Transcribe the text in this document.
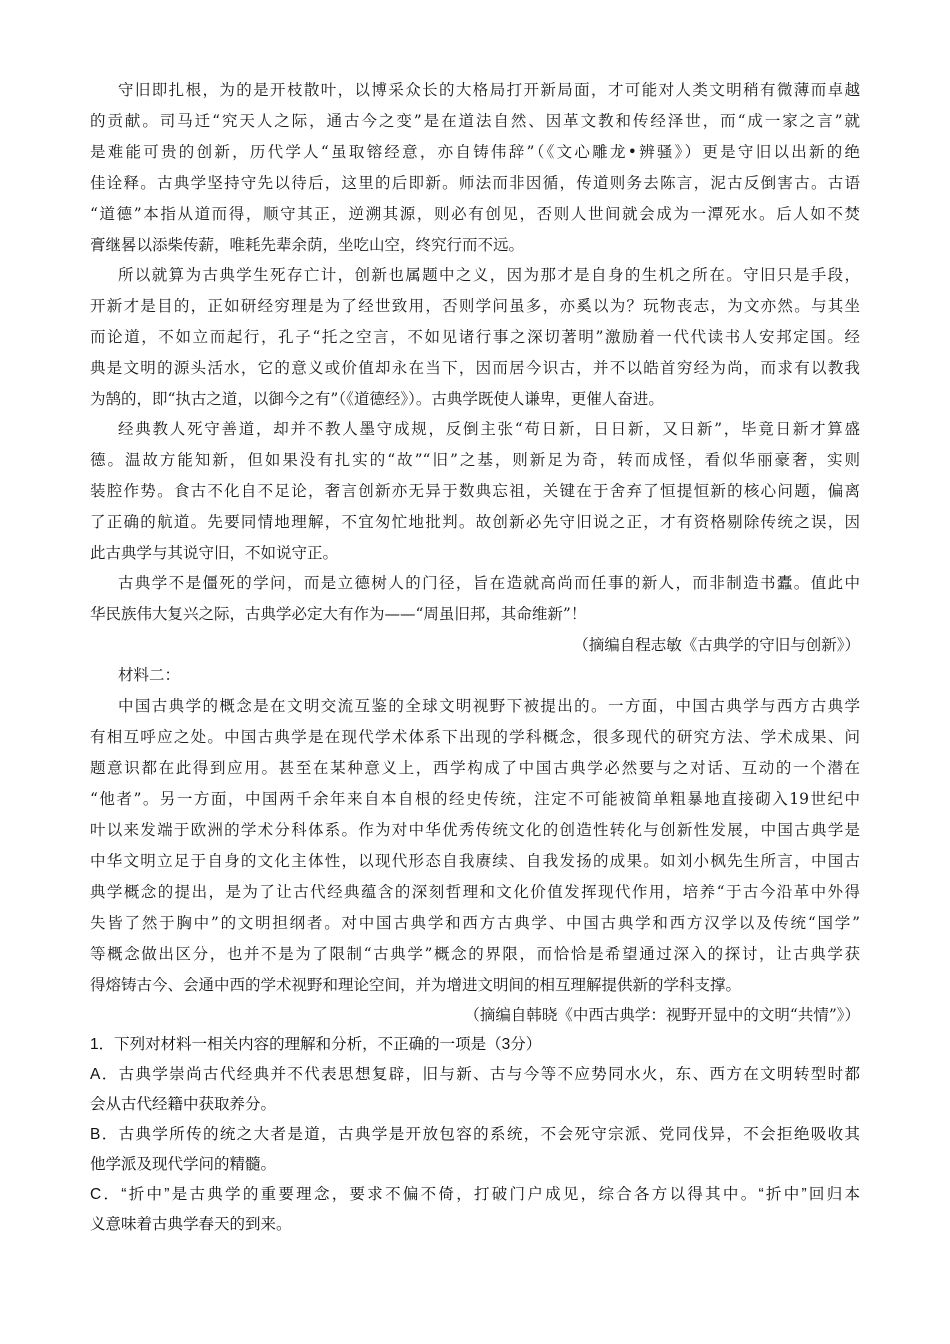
守旧即扎根，为的是开枝散叶，以博采众长的大格局打开新局面，才可能对人类文明稍有微薄而卓越

的贡献。司马迁“究天人之际，通古今之变”是在道法自然、因革文教和传经泽世，而“成一家之言”就

是难能可贵的创新，历代学人“虽取镕经意，亦自铸伟辞”（《文心雕龙•辨骚》）更是守旧以出新的绝

佳诠释。古典学坚持守先以待后，这里的后即新。师法而非因循，传道则务去陈言，泥古反倒害古。古语

“道德”本指从道而得，顺守其正，逆溯其源，则必有创见，否则人世间就会成为一潭死水。后人如不焚

膏继晷以添柴传薪，唯耗先辈余荫，坐吃山空，终究行而不远。

所以就算为古典学生死存亡计，创新也属题中之义，因为那才是自身的生机之所在。守旧只是手段，

开新才是目的，正如研经穷理是为了经世致用，否则学问虽多，亦奚以为？玩物丧志，为文亦然。与其坐

而论道，不如立而起行，孔子“托之空言，不如见诸行事之深切著明”激励着一代代读书人安邦定国。经

典是文明的源头活水，它的意义或价值却永在当下，因而居今识古，并不以皓首穷经为尚，而求有以教我

为鹄的，即“执古之道，以御今之有”（《道德经》）。古典学既使人谦卑，更催人奋进。

经典教人死守善道，却并不教人墨守成规，反倒主张“苟日新，日日新，又日新”，毕竟日新才算盛

德。温故方能知新，但如果没有扎实的“故”“旧”之基，则新足为奇，转而成怪，看似华丽豪奢，实则

装腔作势。食古不化自不足论，奢言创新亦无异于数典忘祖，关键在于舍弃了恒提恒新的核心问题，偏离

了正确的航道。先要同情地理解，不宜匆忙地批判。故创新必先守旧说之正，才有资格剔除传统之误，因

此古典学与其说守旧，不如说守正。

古典学不是僵死的学问，而是立德树人的门径，旨在造就高尚而任事的新人，而非制造书蠹。值此中

华民族伟大复兴之际，古典学必定大有作为——“周虽旧邦，其命维新”！

（摘编自程志敏《古典学的守旧与创新》）

材料二：

中国古典学的概念是在文明交流互鉴的全球文明视野下被提出的。一方面，中国古典学与西方古典学

有相互呼应之处。中国古典学是在现代学术体系下出现的学科概念，很多现代的研究方法、学术成果、问

题意识都在此得到应用。甚至在某种意义上，西学构成了中国古典学必然要与之对话、互动的一个潜在

“他者”。另一方面，中国两千余年来自本自根的经史传统，注定不可能被简单粗暴地直接砌入19世纪中

叶以来发端于欧洲的学术分科体系。作为对中华优秀传统文化的创造性转化与创新性发展，中国古典学是

中华文明立足于自身的文化主体性，以现代形态自我赓续、自我发扬的成果。如刘小枫先生所言，中国古

典学概念的提出，是为了让古代经典蕴含的深刻哲理和文化价值发挥现代作用，培养“于古今沿革中外得

失皆了然于胸中”的文明担纲者。对中国古典学和西方古典学、中国古典学和西方汉学以及传统“国学”

等概念做出区分，也并不是为了限制“古典学”概念的界限，而恰恰是希望通过深入的探讨，让古典学获

得熔铸古今、会通中西的学术视野和理论空间，并为增进文明间的相互理解提供新的学科支撑。

（摘编自韩晓《中西古典学：视野开显中的文明“共情”》）

1．下列对材料一相关内容的理解和分析，不正确的一项是（3分）

A．古典学崇尚古代经典并不代表思想复辟，旧与新、古与今等不应势同水火，东、西方在文明转型时都

会从古代经籍中获取养分。

B．古典学所传的统之大者是道，古典学是开放包容的系统，不会死守宗派、党同伐异，不会拒绝吸收其

他学派及现代学问的精髓。

C．“折中”是古典学的重要理念，要求不偏不倚，打破门户成见，综合各方以得其中。“折中”回归本

义意味着古典学春天的到来。
